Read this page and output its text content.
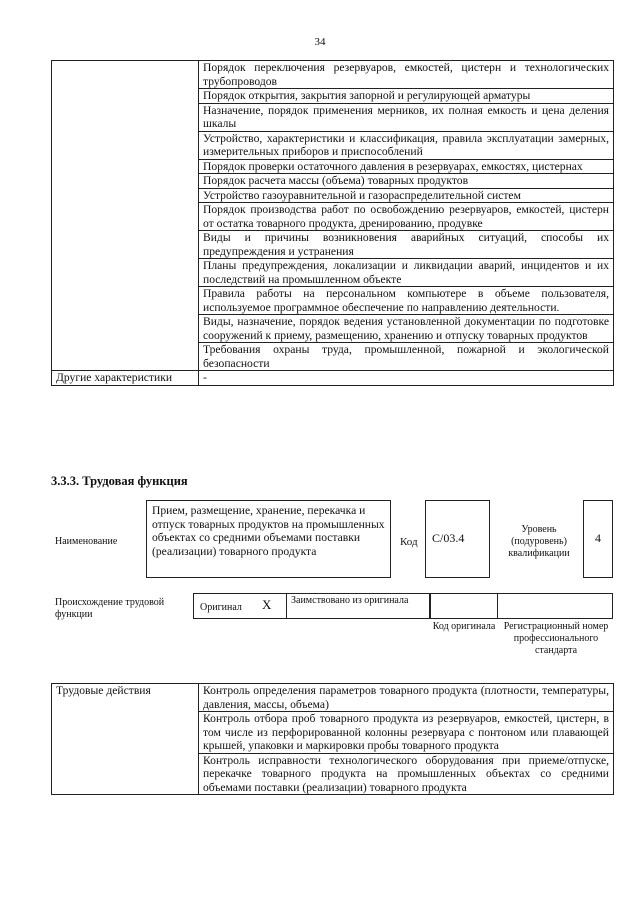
34
	Порядок переключения резервуаров, емкостей, цистерн и технологических трубопроводов
	Порядок открытия, закрытия запорной и регулирующей арматуры
	Назначение, порядок применения мерников, их полная емкость и цена деления шкалы
	Устройство, характеристики и классификация, правила эксплуатации замерных, измерительных приборов и приспособлений
	Порядок проверки остаточного давления в резервуарах, емкостях, цистернах
	Порядок расчета массы (объема) товарных продуктов
	Устройство газоуравнительной и газораспределительной систем
	Порядок производства работ по освобождению резервуаров, емкостей, цистерн от остатка товарного продукта, дренированию, продувке
	Виды и причины возникновения аварийных ситуаций, способы их предупреждения и устранения
	Планы предупреждения, локализации и ликвидации аварий, инцидентов и их последствий на промышленном объекте
	Правила работы на персональном компьютере в объеме пользователя, используемое программное обеспечение по направлению деятельности.
	Виды, назначение, порядок ведения установленной документации по подготовке сооружений к приему, размещению, хранению и отпуску товарных продуктов
	Требования охраны труда, промышленной, пожарной и экологической безопасности
Другие характеристики	-
3.3.3. Трудовая функция
Наименование
Прием, размещение, хранение, перекачка и отпуск товарных продуктов на промышленных объектах со средними объемами поставки (реализации) товарного продукта
Код	С/03.4
Уровень (подуровень) квалификации
4
Происхождение трудовой функции
Оригинал X Заимствовано из оригинала
Код оригинала Регистрационный номер профессионального стандарта
Трудовые действия	Контроль определения параметров товарного продукта (плотности, температуры, давления, массы, объема)
Контроль отбора проб товарного продукта из резервуаров, емкостей, цистерн, в том числе из перфорированной колонны резервуара с понтоном или плавающей крышей, упаковки и маркировки пробы товарного продукта
Контроль исправности технологического оборудования при приеме/отпуске, перекачке товарного продукта на промышленных объектах со средними объемами поставки (реализации) товарного продукта
